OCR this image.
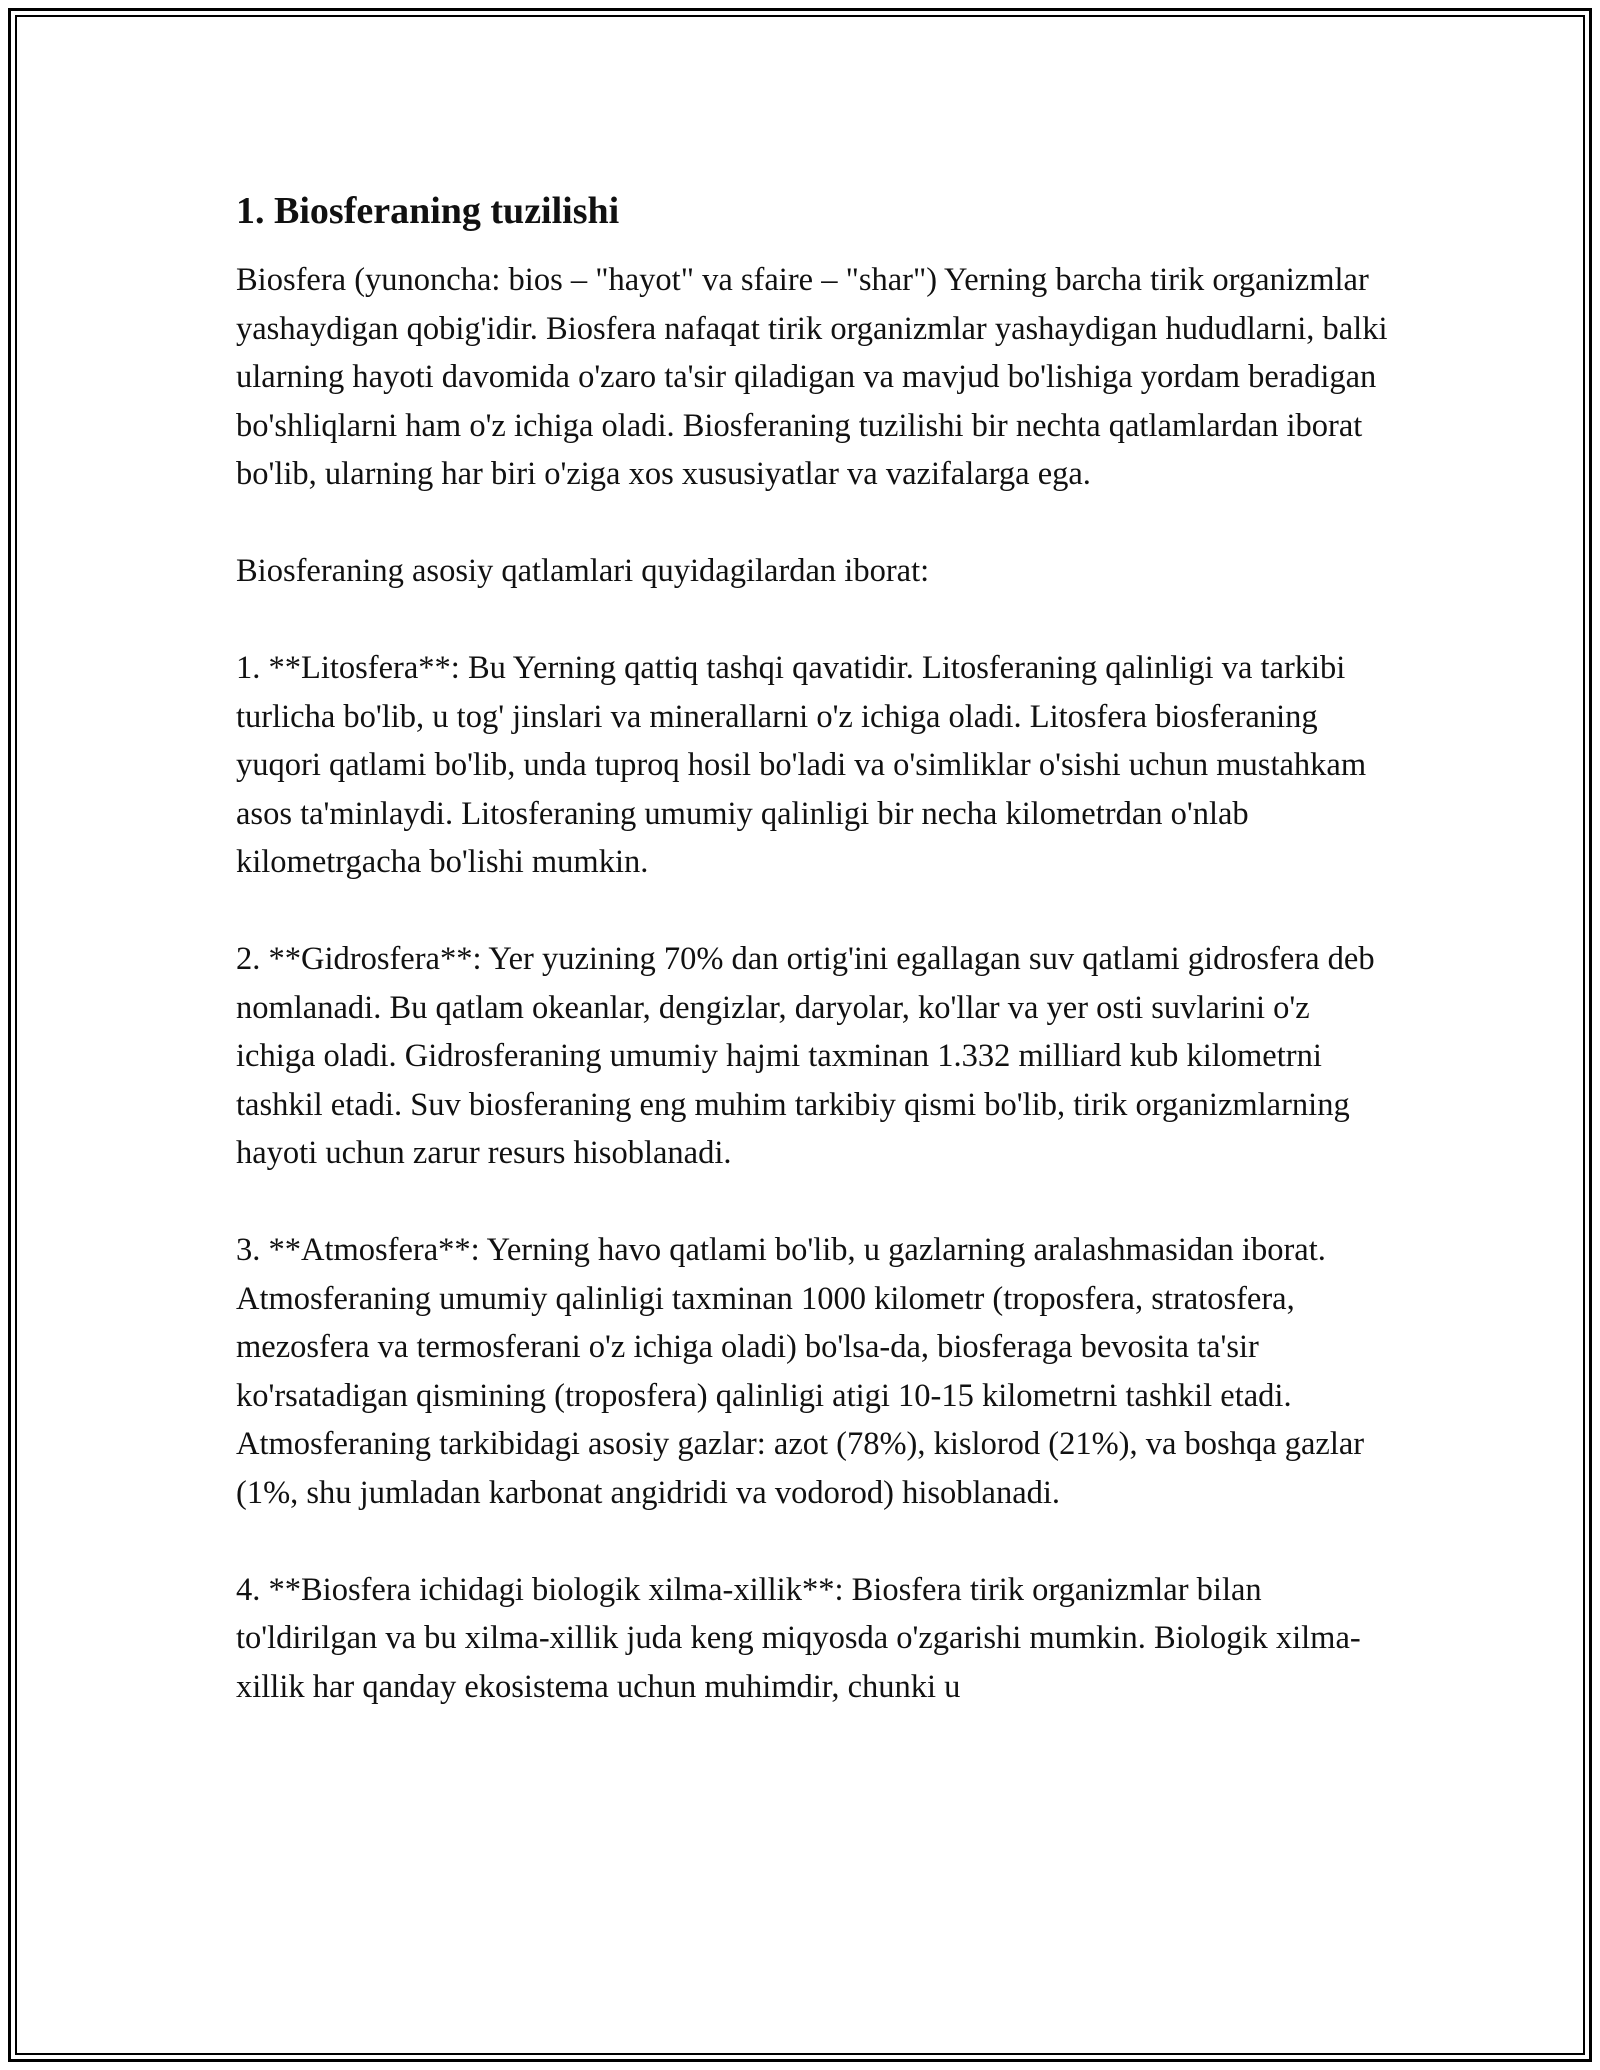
1. Biosferaning tuzilishi

Biosfera (yunoncha: bios – "hayot" va sfaire – "shar") Yerning barcha tirik organizmlar yashaydigan qobig'idir. Biosfera nafaqat tirik organizmlar yashaydigan hududlarni, balki ularning hayoti davomida o'zaro ta'sir qiladigan va mavjud bo'lishiga yordam beradigan bo'shliqlarni ham o'z ichiga oladi. Biosferaning tuzilishi bir nechta qatlamlardan iborat bo'lib, ularning har biri o'ziga xos xususiyatlar va vazifalarga ega.

Biosferaning asosiy qatlamlari quyidagilardan iborat:

1. **Litosfera**: Bu Yerning qattiq tashqi qavatidir. Litosferaning qalinligi va tarkibi turlicha bo'lib, u tog' jinslari va minerallarni o'z ichiga oladi. Litosfera biosferaning yuqori qatlami bo'lib, unda tuproq hosil bo'ladi va o'simliklar o'sishi uchun mustahkam asos ta'minlaydi. Litosferaning umumiy qalinligi bir necha kilometrdan o'nlab kilometrgacha bo'lishi mumkin.

2. **Gidrosfera**: Yer yuzining 70% dan ortig'ini egallagan suv qatlami gidrosfera deb nomlanadi. Bu qatlam okeanlar, dengizlar, daryolar, ko'llar va yer osti suvlarini o'z ichiga oladi. Gidrosferaning umumiy hajmi taxminan 1.332 milliard kub kilometrni tashkil etadi. Suv biosferaning eng muhim tarkibiy qismi bo'lib, tirik organizmlarning hayoti uchun zarur resurs hisoblanadi.

3. **Atmosfera**: Yerning havo qatlami bo'lib, u gazlarning aralashmasidan iborat. Atmosferaning umumiy qalinligi taxminan 1000 kilometr (troposfera, stratosfera, mezosfera va termosferani o'z ichiga oladi) bo'lsa-da, biosferaga bevosita ta'sir ko'rsatadigan qismining (troposfera) qalinligi atigi 10-15 kilometrni tashkil etadi. Atmosferaning tarkibidagi asosiy gazlar: azot (78%), kislorod (21%), va boshqa gazlar (1%, shu jumladan karbonat angidridi va vodorod) hisoblanadi.

4. **Biosfera ichidagi biologik xilma-xillik**: Biosfera tirik organizmlar bilan to'ldirilgan va bu xilma-xillik juda keng miqyosda o'zgarishi mumkin. Biologik xilma-xillik har qanday ekosistema uchun muhimdir, chunki u
